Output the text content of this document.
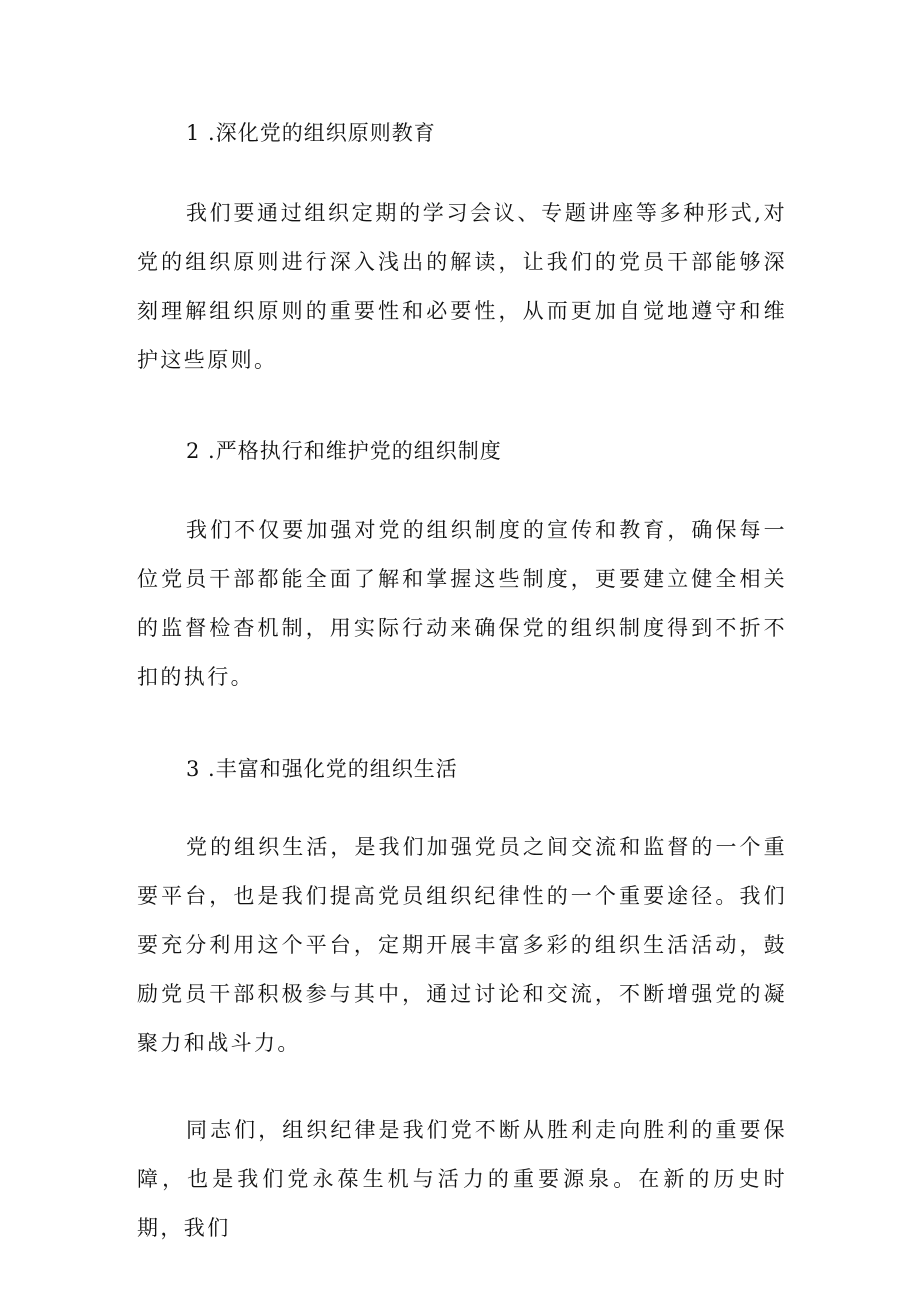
1 .深化党的组织原则教育

我们要通过组织定期的学习会议、专题讲座等多种形式,对党的组织原则进行深入浅出的解读，让我们的党员干部能够深刻理解组织原则的重要性和必要性，从而更加自觉地遵守和维护这些原则。

2 .严格执行和维护党的组织制度

我们不仅要加强对党的组织制度的宣传和教育，确保每一位党员干部都能全面了解和掌握这些制度，更要建立健全相关的监督检杳机制，用实际行动来确保党的组织制度得到不折不扣的执行。

3 .丰富和强化党的组织生活

党的组织生活，是我们加强党员之间交流和监督的一个重要平台，也是我们提高党员组织纪律性的一个重要途径。我们要充分利用这个平台，定期开展丰富多彩的组织生活活动，鼓励党员干部积极参与其中，通过讨论和交流，不断增强党的凝聚力和战斗力。

同志们，组织纪律是我们党不断从胜利走向胜利的重要保障，也是我们党永葆生机与活力的重要源泉。在新的历史时期，我们
